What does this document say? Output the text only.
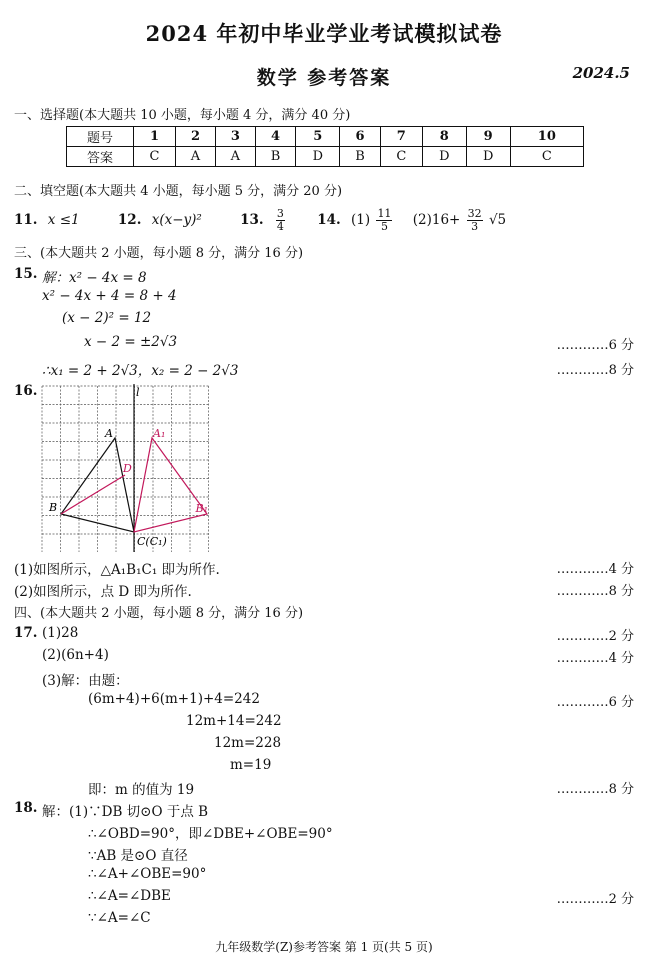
2024 年初中毕业学业考试模拟试卷
数学 参考答案	2024.5
一、选择题(本大题共 10 小题，每小题 4 分，满分 40 分)
题号	1	2	3	4	5	6	7	8	9	10
答案	C	A	A	B	D	B	C	D	D	C
二、填空题(本大题共 4 小题，每小题 5 分，满分 20 分)
11. x ≤1	12. x(x−y)²	13. $\frac{3}{4} 14$. $(1) \frac{11}{5} (2)16+ \frac{32}{3} √5$
三、(本大题共 2 小题，每小题 8 分，满分 16 分)
15. 解：x² − 4x = 8
x² − 4x + 4 = 8 + 4
(x − 2)² = 12
x − 2 = ±2√3	…………6 分
∴x₁ = 2 + 2√3，x₂ = 2 − 2√3	…………8 分
16.	l
A	A₁
D
B	B₁
C(C₁)
(1)如图所示，△A₁B₁C₁ 即为所作.	…………4 分
(2)如图所示，点 D 即为所作.	…………8 分
四、(本大题共 2 小题，每小题 8 分，满分 16 分)
17. (1)28	…………2 分
(2)(6n+4)	…………4 分
(3)解：由题：
(6m+4)+6(m+1)+4=242	…………6 分
12m+14=242
12m=228
m=19
即：m 的值为 19	…………8 分
18. 解：(1)∵DB 切⊙O 于点 B
∴∠OBD=90°，即∠DBE+∠OBE=90°
∵AB 是⊙O 直径
∴∠A+∠OBE=90°
∴∠A=∠DBE	…………2 分
∵∠A=∠C
九年级数学(Z)参考答案 第 1 页(共 5 页)
